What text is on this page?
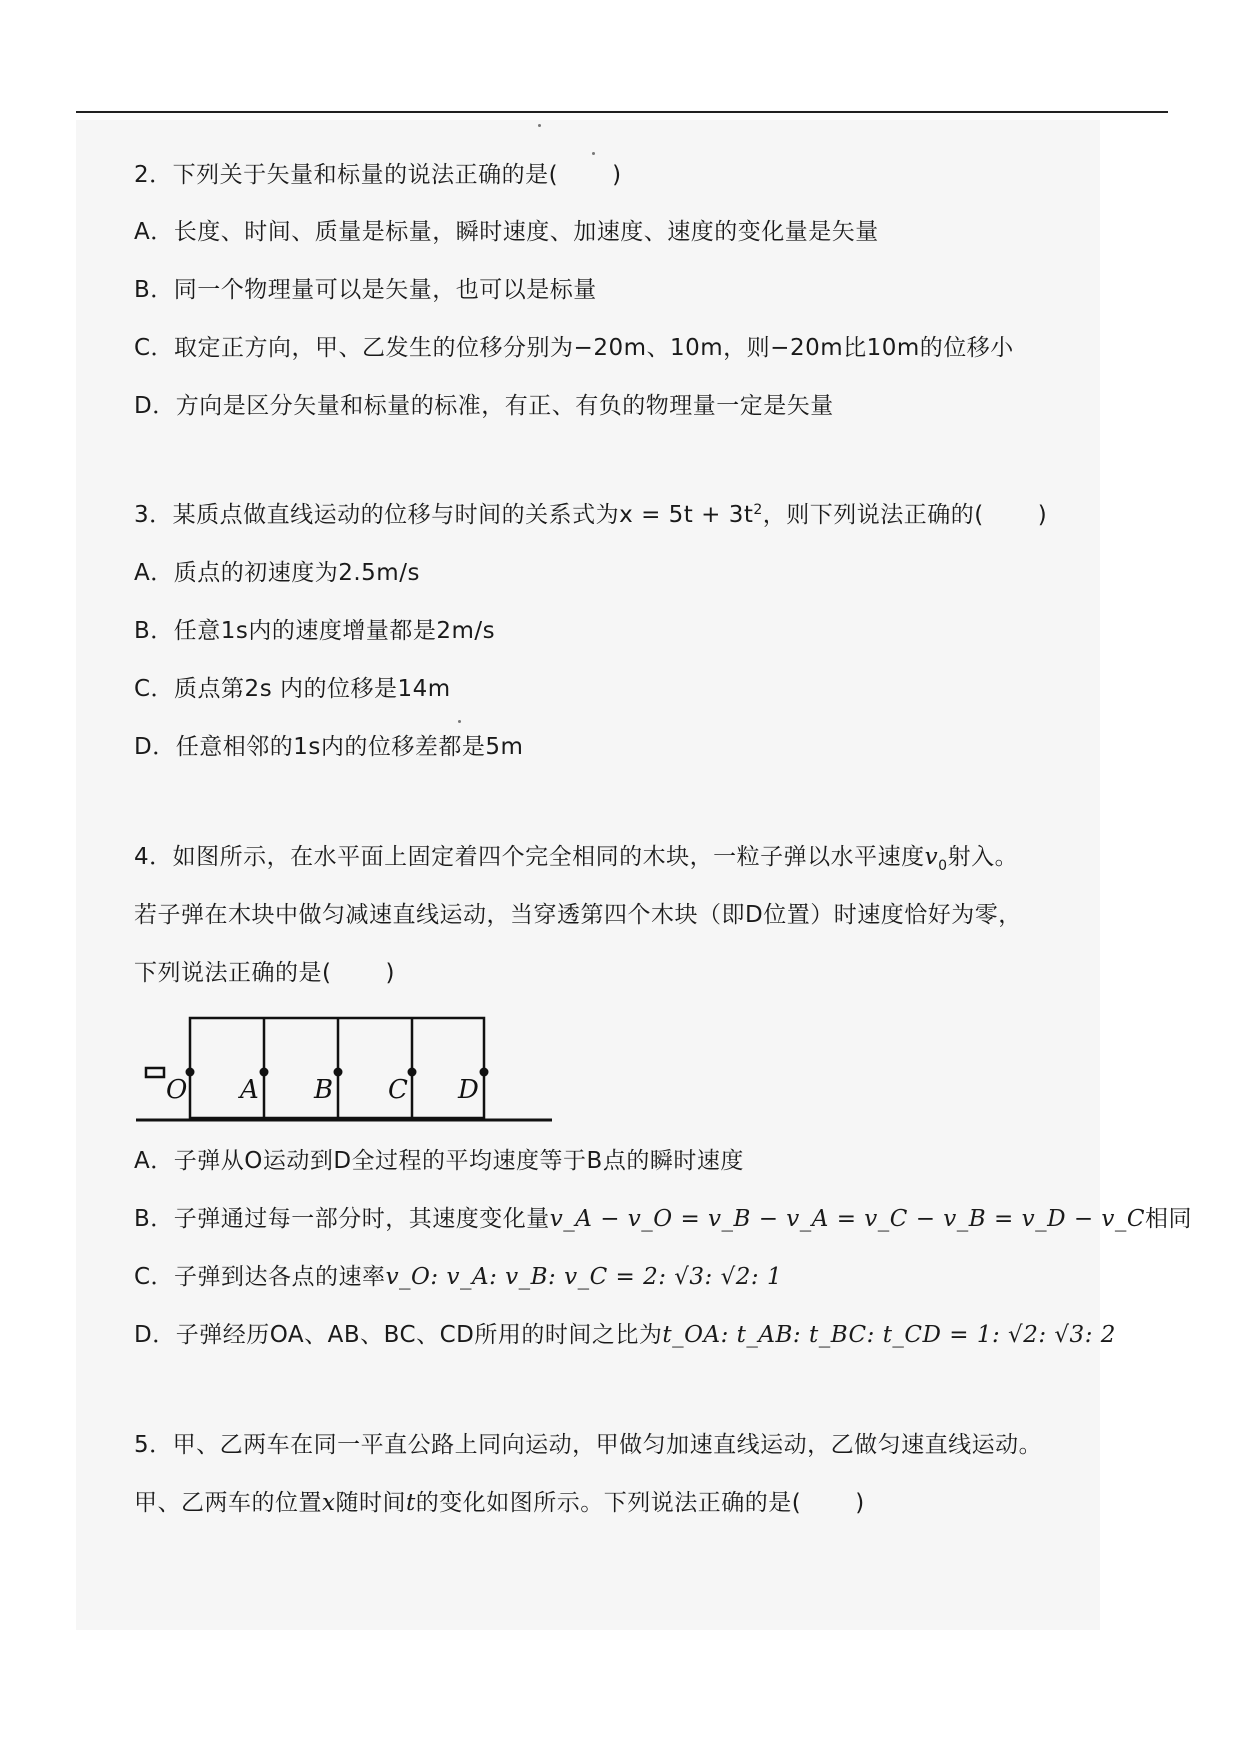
2．下列关于矢量和标量的说法正确的是( )
A．长度、时间、质量是标量，瞬时速度、加速度、速度的变化量是矢量
B．同一个物理量可以是矢量，也可以是标量
C．取定正方向，甲、乙发生的位移分别为−20m、10m，则−20m比10m的位移小
D．方向是区分矢量和标量的标准，有正、有负的物理量一定是矢量
3．某质点做直线运动的位移与时间的关系式为$x = 5t + 3t^2$，则下列说法正确的( )
A．质点的初速度为2.5m/s
B．任意1s内的速度增量都是2m/s
C．质点第2s 内的位移是14m
D．任意相邻的1s内的位移差都是5m
4．如图所示，在水平面上固定着四个完全相同的木块，一粒子弹以水平速度$v_0$射入。
若子弹在木块中做匀减速直线运动，当穿透第四个木块（即D位置）时速度恰好为零，
下列说法正确的是( )
O A B C D
A．子弹从O运动到D全过程的平均速度等于B点的瞬时速度
B．子弹通过每一部分时，其速度变化量v_A − v_O = v_B − v_A = v_C − v_B = v_D − v_C相同
C．子弹到达各点的速率v_O: v_A: v_B: v_C = 2: √3: √2: 1
D．子弹经历OA、AB、BC、CD所用的时间之比为t_OA: t_AB: t_BC: t_CD = 1: √2: √3: 2
5．甲、乙两车在同一平直公路上同向运动，甲做匀加速直线运动，乙做匀速直线运动。
甲、乙两车的位置x随时间t的变化如图所示。下列说法正确的是( )
